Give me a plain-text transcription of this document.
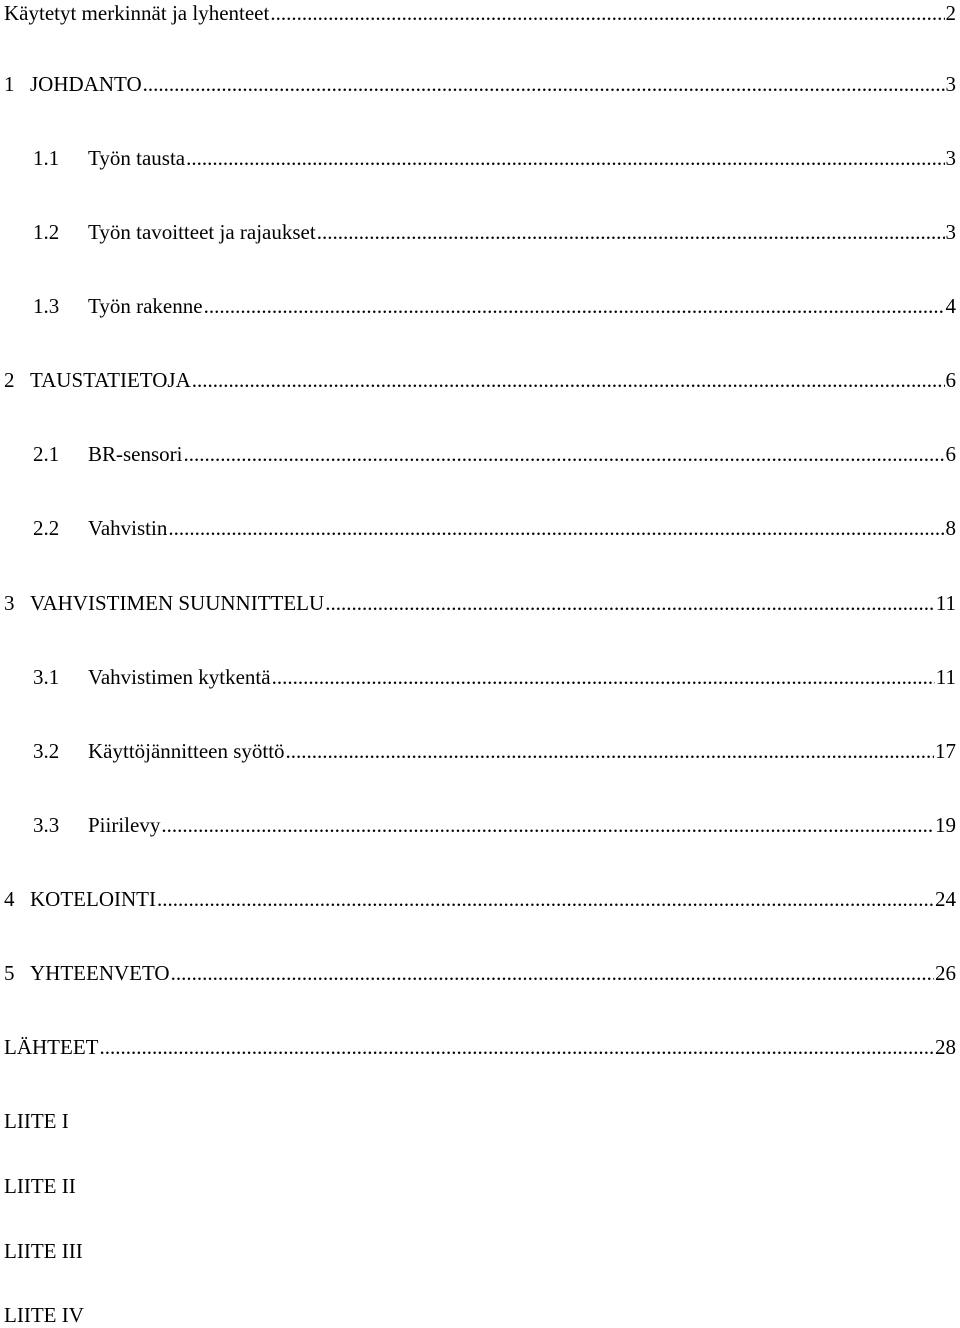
Käytetyt merkinnät ja lyhenteet .....	2
1 JOHDANTO .....	3
1.1	Työn tausta .....	3
1.2	Työn tavoitteet ja rajaukset .....	3
1.3	Työn rakenne .....	4
2 TAUSTATIETOJA .....	6
2.1	BR-sensori .....	6
2.2	Vahvistin .....	8
3 VAHVISTIMEN SUUNNITTELU .....	11
3.1	Vahvistimen kytkentä .....	11
3.2	Käyttöjännitteen syöttö .....	17
3.3	Piirilevy .....	19
4 KOTELOINTI .....	24
5 YHTEENVETO .....	26
LÄHTEET .....	28
LIITE I
LIITE II
LIITE III
LIITE IV
